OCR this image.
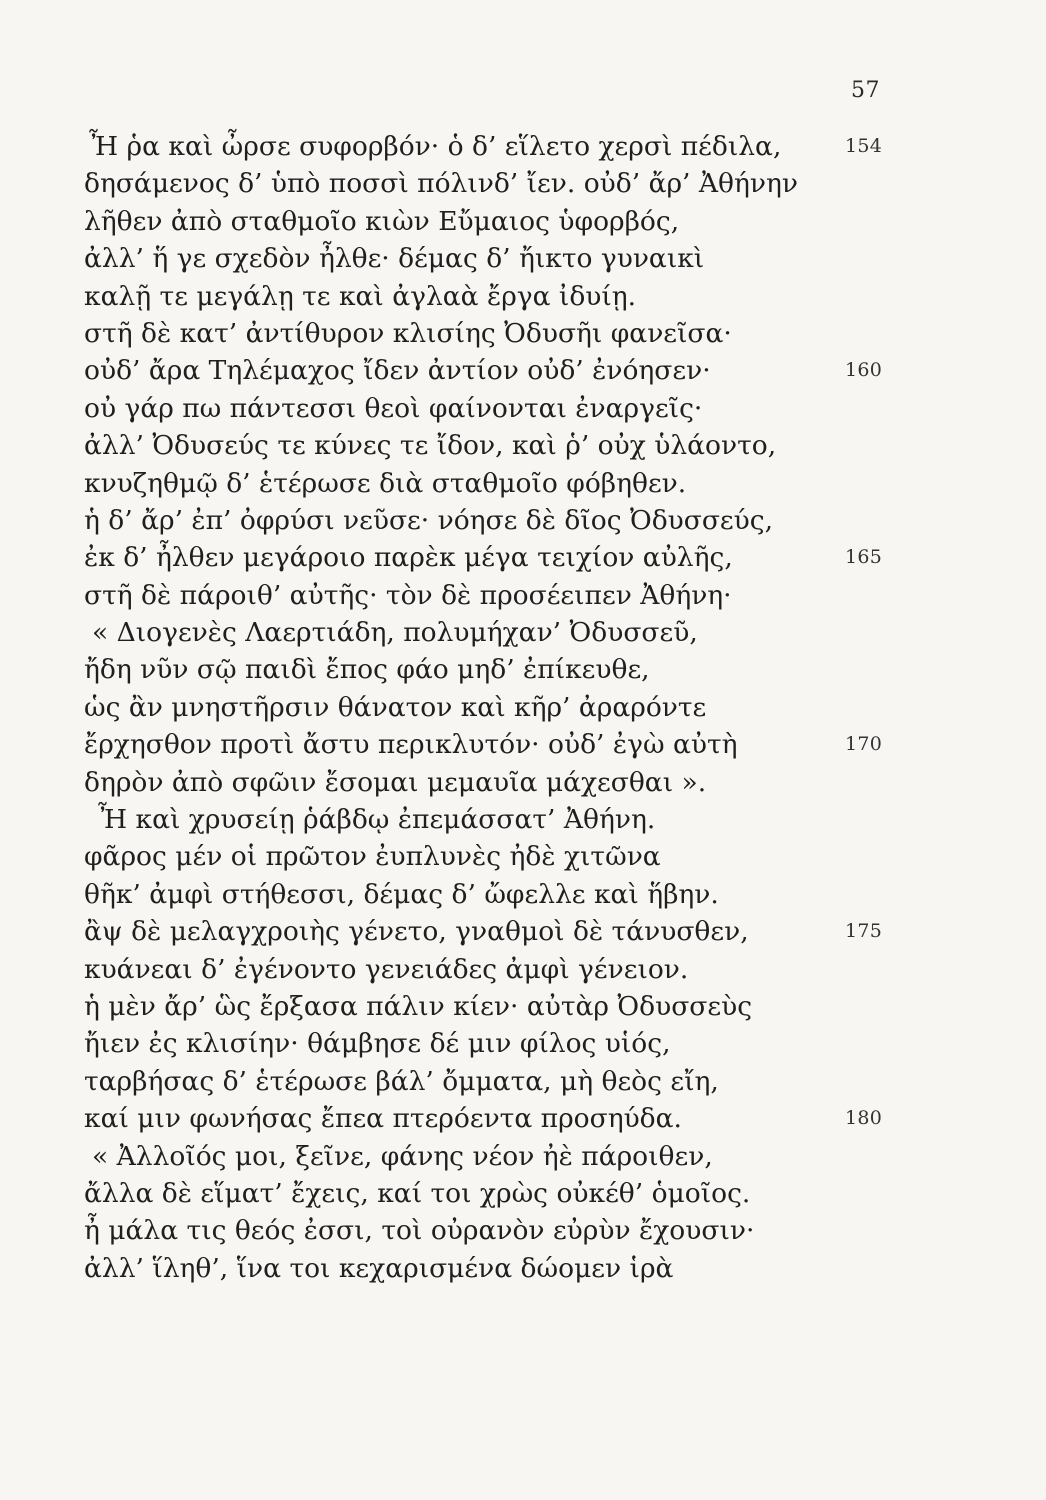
57
Ἦ ῥα καὶ ὦρσε συφορβόν· ὁ δ’ εἵλετο χερσὶ πέδιλα,	154
δησάμενος δ’ ὑπὸ ποσσὶ πόλινδ’ ἴεν. οὐδ’ ἄρ’ Ἀθήνην
λῆθεν ἀπὸ σταθμοῖο κιὼν Εὔμαιος ὑφορβός,
ἀλλ’ ἥ γε σχεδὸν ἦλθε· δέμας δ’ ἤικτο γυναικὶ
καλῇ τε μεγάλῃ τε καὶ ἀγλαὰ ἔργα ἰδυίῃ.
στῆ δὲ κατ’ ἀντίθυρον κλισίης Ὀδυσῆι φανεῖσα·
οὐδ’ ἄρα Τηλέμαχος ἴδεν ἀντίον οὐδ’ ἐνόησεν·	160
οὐ γάρ πω πάντεσσι θεοὶ φαίνονται ἐναργεῖς·
ἀλλ’ Ὀδυσεύς τε κύνες τε ἴδον, καὶ ῥ’ οὐχ ὑλάοντο,
κνυζηθμῷ δ’ ἑτέρωσε διὰ σταθμοῖο φόβηθεν.
ἡ δ’ ἄρ’ ἐπ’ ὀφρύσι νεῦσε· νόησε δὲ δῖος Ὀδυσσεύς,
ἐκ δ’ ἦλθεν μεγάροιο παρὲκ μέγα τειχίον αὐλῆς,	165
στῆ δὲ πάροιθ’ αὐτῆς· τὸν δὲ προσέειπεν Ἀθήνη·
« Διογενὲς Λαερτιάδη, πολυμήχαν’ Ὀδυσσεῦ,
ἤδη νῦν σῷ παιδὶ ἔπος φάο μηδ’ ἐπίκευθε,
ὡς ἂν μνηστῆρσιν θάνατον καὶ κῆρ’ ἀραρόντε
ἔρχησθον προτὶ ἄστυ περικλυτόν· οὐδ’ ἐγὼ αὐτὴ	170
δηρὸν ἀπὸ σφῶιν ἔσομαι μεμαυῖα μάχεσθαι ».
Ἦ καὶ χρυσείῃ ῥάβδῳ ἐπεμάσσατ’ Ἀθήνη.
φᾶρος μέν οἱ πρῶτον ἐυπλυνὲς ἠδὲ χιτῶνα
θῆκ’ ἀμφὶ στήθεσσι, δέμας δ’ ὤφελλε καὶ ἥβην.
ἂψ δὲ μελαγχροιὴς γένετο, γναθμοὶ δὲ τάνυσθεν,	175
κυάνεαι δ’ ἐγένοντο γενειάδες ἀμφὶ γένειον.
ἡ μὲν ἄρ’ ὣς ἔρξασα πάλιν κίεν· αὐτὰρ Ὀδυσσεὺς
ἤιεν ἐς κλισίην· θάμβησε δέ μιν φίλος υἱός,
ταρβήσας δ’ ἑτέρωσε βάλ’ ὄμματα, μὴ θεὸς εἴη,
καί μιν φωνήσας ἔπεα πτερόεντα προσηύδα.	180
« Ἀλλοῖός μοι, ξεῖνε, φάνης νέον ἠὲ πάροιθεν,
ἄλλα δὲ εἵματ’ ἔχεις, καί τοι χρὼς οὐκέθ’ ὁμοῖος.
ἦ μάλα τις θεός ἐσσι, τοὶ οὐρανὸν εὐρὺν ἔχουσιν·
ἀλλ’ ἵληθ’, ἵνα τοι κεχαρισμένα δώομεν ἱρὰ
